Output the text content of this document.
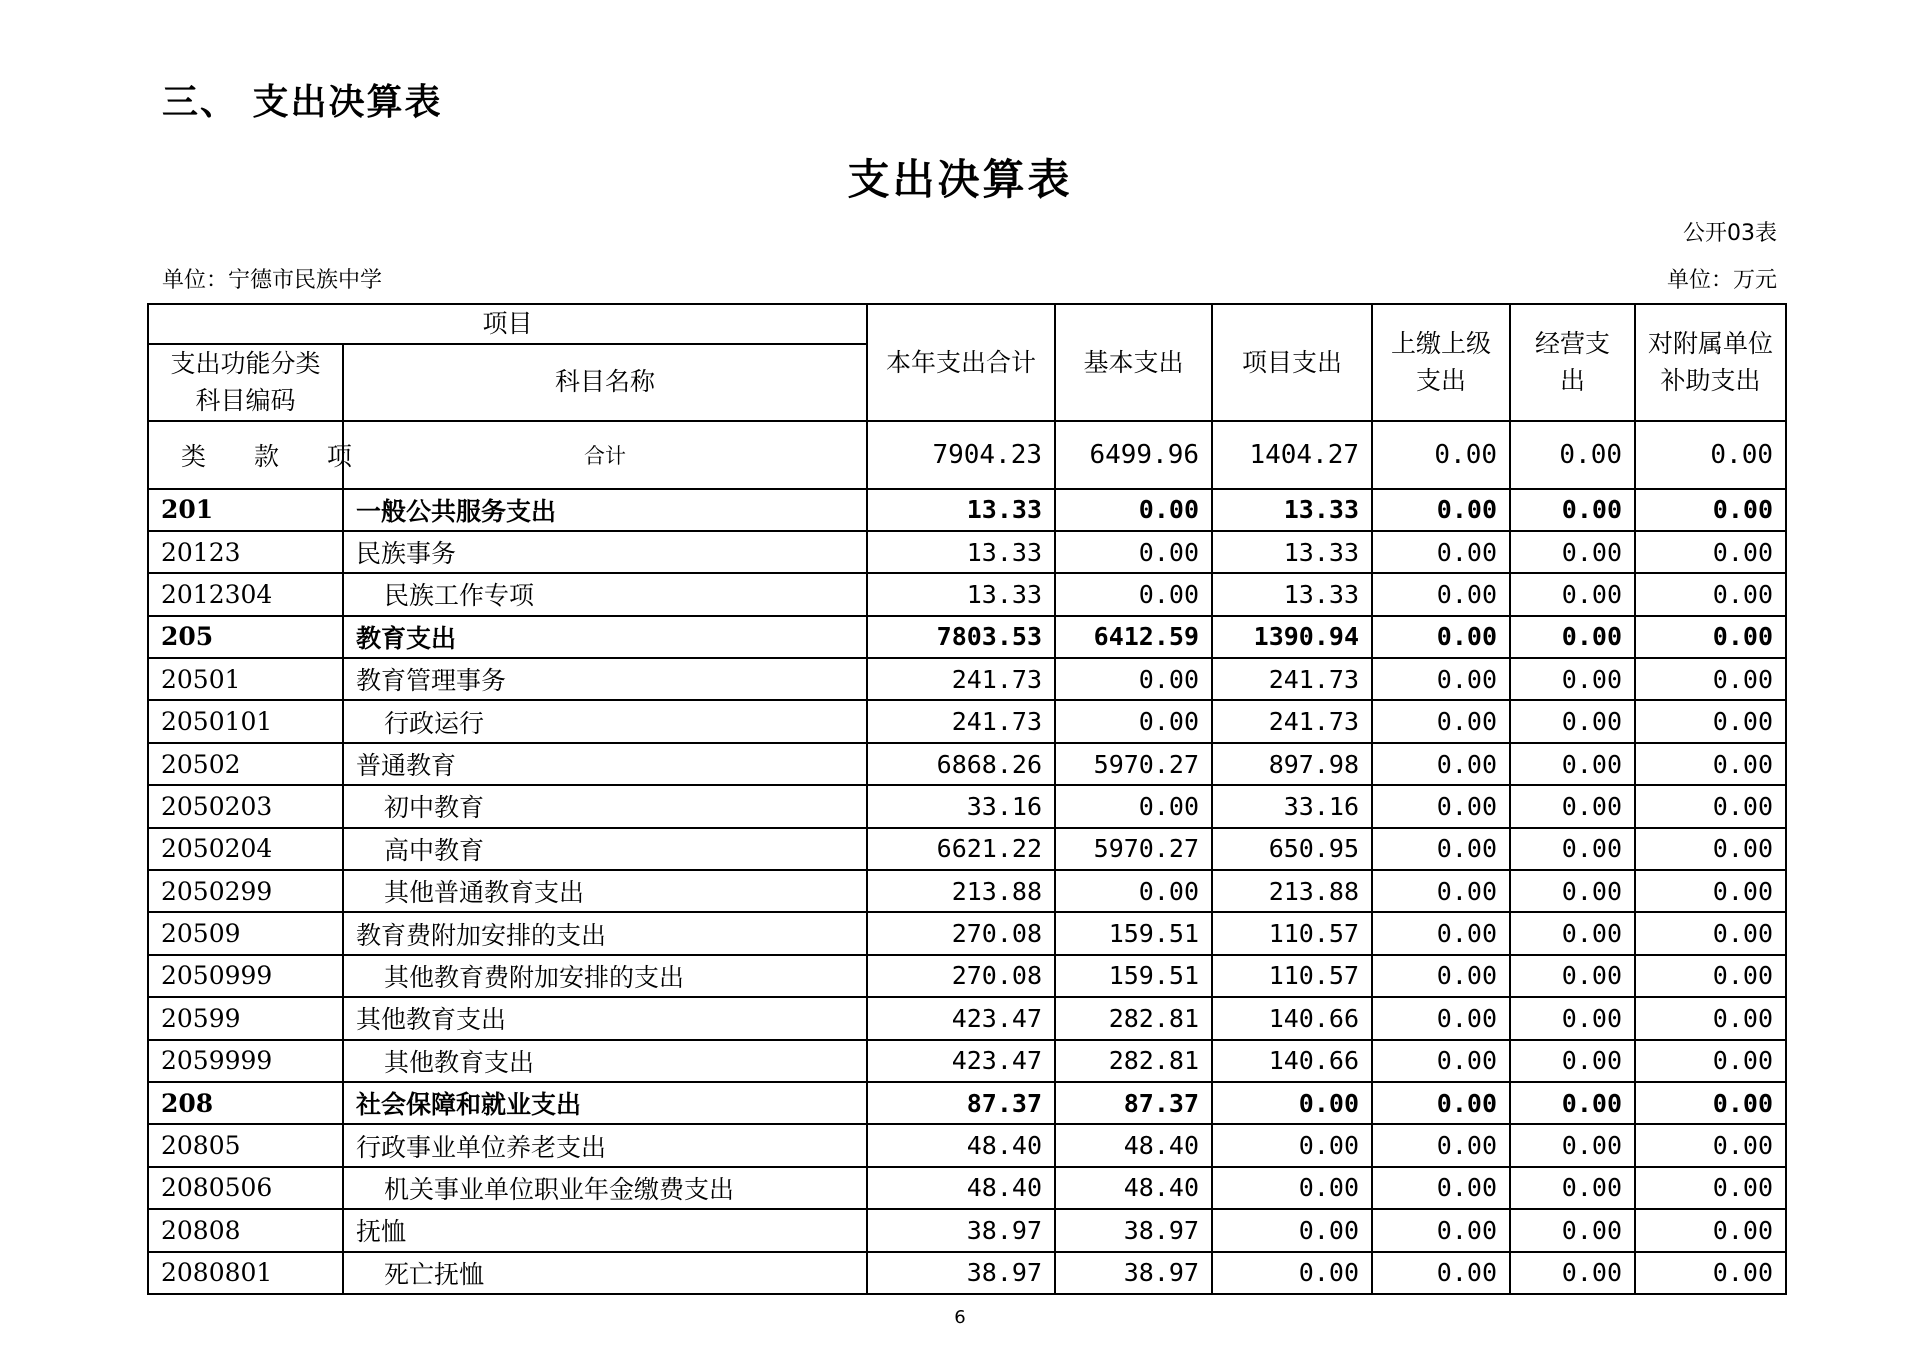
三、 支出决算表
支出决算表
公开03表
单位：宁德市民族中学	单位：万元
项目		本年支出合计	基本支出	项目支出	上缴上级支出	经营支出	对附属单位补助支出
支出功能分类科目编码	科目名称						
类 款 项	合计	7904.23	6499.96	1404.27	0.00	0.00	0.00
201	一般公共服务支出	13.33	0.00	13.33	0.00	0.00	0.00
20123	民族事务	13.33	0.00	13.33	0.00	0.00	0.00
2012304	民族工作专项	13.33	0.00	13.33	0.00	0.00	0.00
205	教育支出	7803.53	6412.59	1390.94	0.00	0.00	0.00
20501	教育管理事务	241.73	0.00	241.73	0.00	0.00	0.00
2050101	行政运行	241.73	0.00	241.73	0.00	0.00	0.00
20502	普通教育	6868.26	5970.27	897.98	0.00	0.00	0.00
2050203	初中教育	33.16	0.00	33.16	0.00	0.00	0.00
2050204	高中教育	6621.22	5970.27	650.95	0.00	0.00	0.00
2050299	其他普通教育支出	213.88	0.00	213.88	0.00	0.00	0.00
20509	教育费附加安排的支出	270.08	159.51	110.57	0.00	0.00	0.00
2050999	其他教育费附加安排的支出	270.08	159.51	110.57	0.00	0.00	0.00
20599	其他教育支出	423.47	282.81	140.66	0.00	0.00	0.00
2059999	其他教育支出	423.47	282.81	140.66	0.00	0.00	0.00
208	社会保障和就业支出	87.37	87.37	0.00	0.00	0.00	0.00
20805	行政事业单位养老支出	48.40	48.40	0.00	0.00	0.00	0.00
2080506	机关事业单位职业年金缴费支出	48.40	48.40	0.00	0.00	0.00	0.00
20808	抚恤	38.97	38.97	0.00	0.00	0.00	0.00
2080801	死亡抚恤	38.97	38.97	0.00	0.00	0.00	0.00
6
